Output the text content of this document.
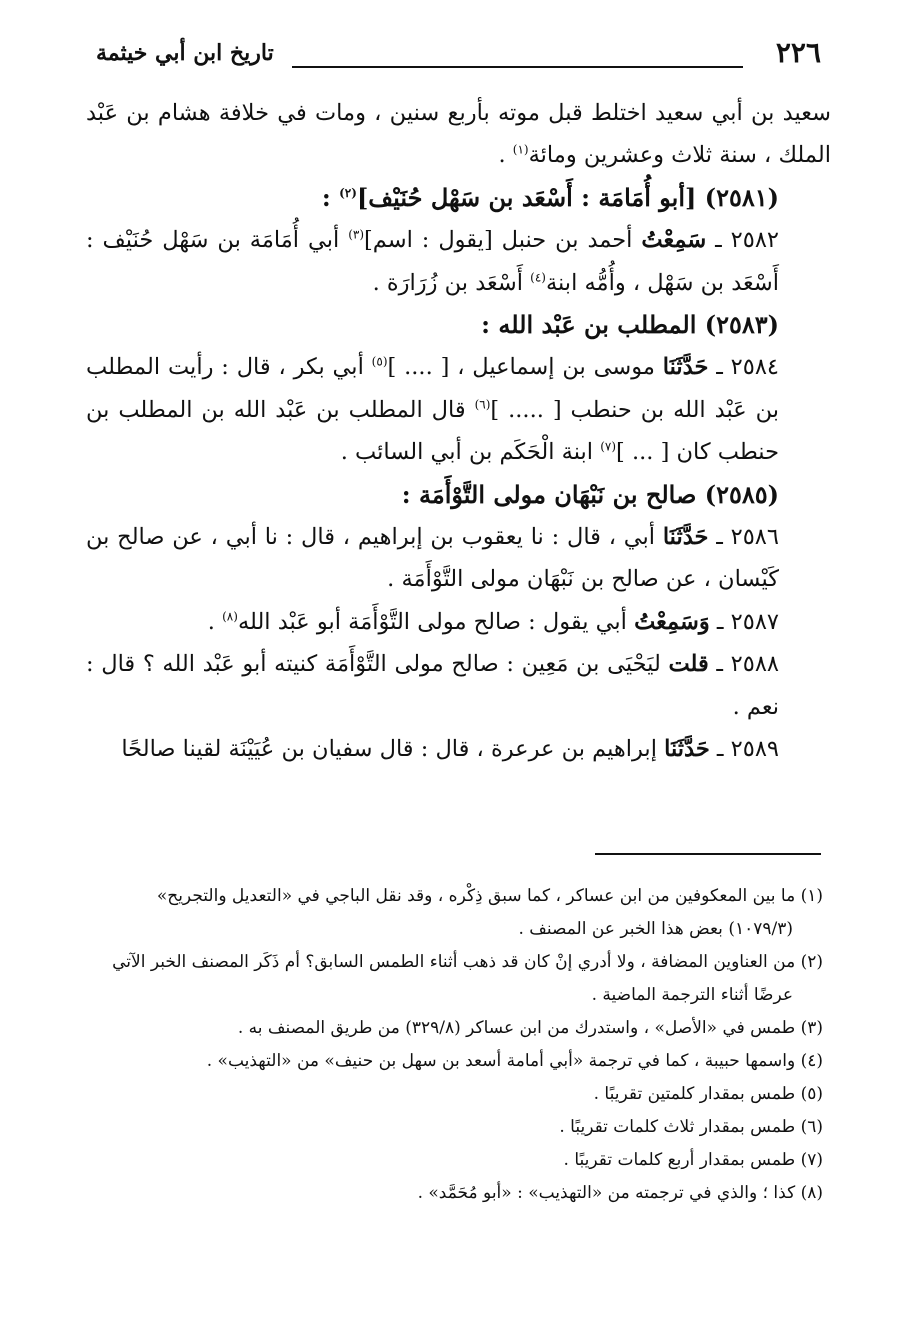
٢٢٦
تاريخ ابن أبي خيثمة

سعيد بن أبي سعيد اختلط قبل موته بأربع سنين ، ومات في خلافة هشام بن عَبْد الملك ، سنة ثلاث وعشرين ومائة$^{(١)}$ .

(٢٥٨١) [أبو أُمَامَة : أَسْعَد بن سَهْل حُنَيْف]$^{(٢)}$ :

٢٥٨٢ ـ سَمِعْتُ أحمد بن حنبل [يقول : اسم]$^{(٣)}$ أبي أُمَامَة بن سَهْل حُنَيْف : أَسْعَد بن سَهْل ، وأُمُّه ابنة$^{(٤)}$ أَسْعَد بن زُرَارَة .

(٢٥٨٣) المطلب بن عَبْد الله :

٢٥٨٤ ـ حَدَّثَنَا موسى بن إسماعيل ، [ .... ]$^{(٥)}$ أبي بكر ، قال : رأيت المطلب بن عَبْد الله بن حنطب [ ..... ]$^{(٦)}$ قال المطلب بن عَبْد الله بن المطلب بن حنطب كان [ ... ]$^{(٧)}$ ابنة الْحَكَم بن أبي السائب .

(٢٥٨٥) صالح بن نَبْهَان مولى التَّوْأَمَة :

٢٥٨٦ ـ حَدَّثَنَا أبي ، قال : نا يعقوب بن إبراهيم ، قال : نا أبي ، عن صالح بن كَيْسان ، عن صالح بن نَبْهَان مولى التَّوْأَمَة .

٢٥٨٧ ـ وَسَمِعْتُ أبي يقول : صالح مولى التَّوْأَمَة أبو عَبْد الله$^{(٨)}$ .

٢٥٨٨ ـ قلت ليَحْيَى بن مَعِين : صالح مولى التَّوْأَمَة كنيته أبو عَبْد الله ؟ قال : نعم .

٢٥٨٩ ـ حَدَّثَنَا إبراهيم بن عرعرة ، قال : قال سفيان بن عُيَيْنَة لقينا صالحًا

(١) ما بين المعكوفين من ابن عساكر ، كما سبق ذِكْره ، وقد نقل الباجي في «التعديل والتجريح»

(١٠٧٩/٣) بعض هذا الخبر عن المصنف .

(٢) من العناوين المضافة ، ولا أدري إنْ كان قد ذهب أثناء الطمس السابق؟ أم ذَكَر المصنف الخبر الآتي

عرضًا أثناء الترجمة الماضية .

(٣) طمس في «الأصل» ، واستدرك من ابن عساكر (٣٢٩/٨) من طريق المصنف به .

(٤) واسمها حبيبة ، كما في ترجمة «أبي أمامة أسعد بن سهل بن حنيف» من «التهذيب» .

(٥) طمس بمقدار كلمتين تقريبًا .

(٦) طمس بمقدار ثلاث كلمات تقريبًا .

(٧) طمس بمقدار أربع كلمات تقريبًا .

(٨) كذا ؛ والذي في ترجمته من «التهذيب» : «أبو مُحَمَّد» .
